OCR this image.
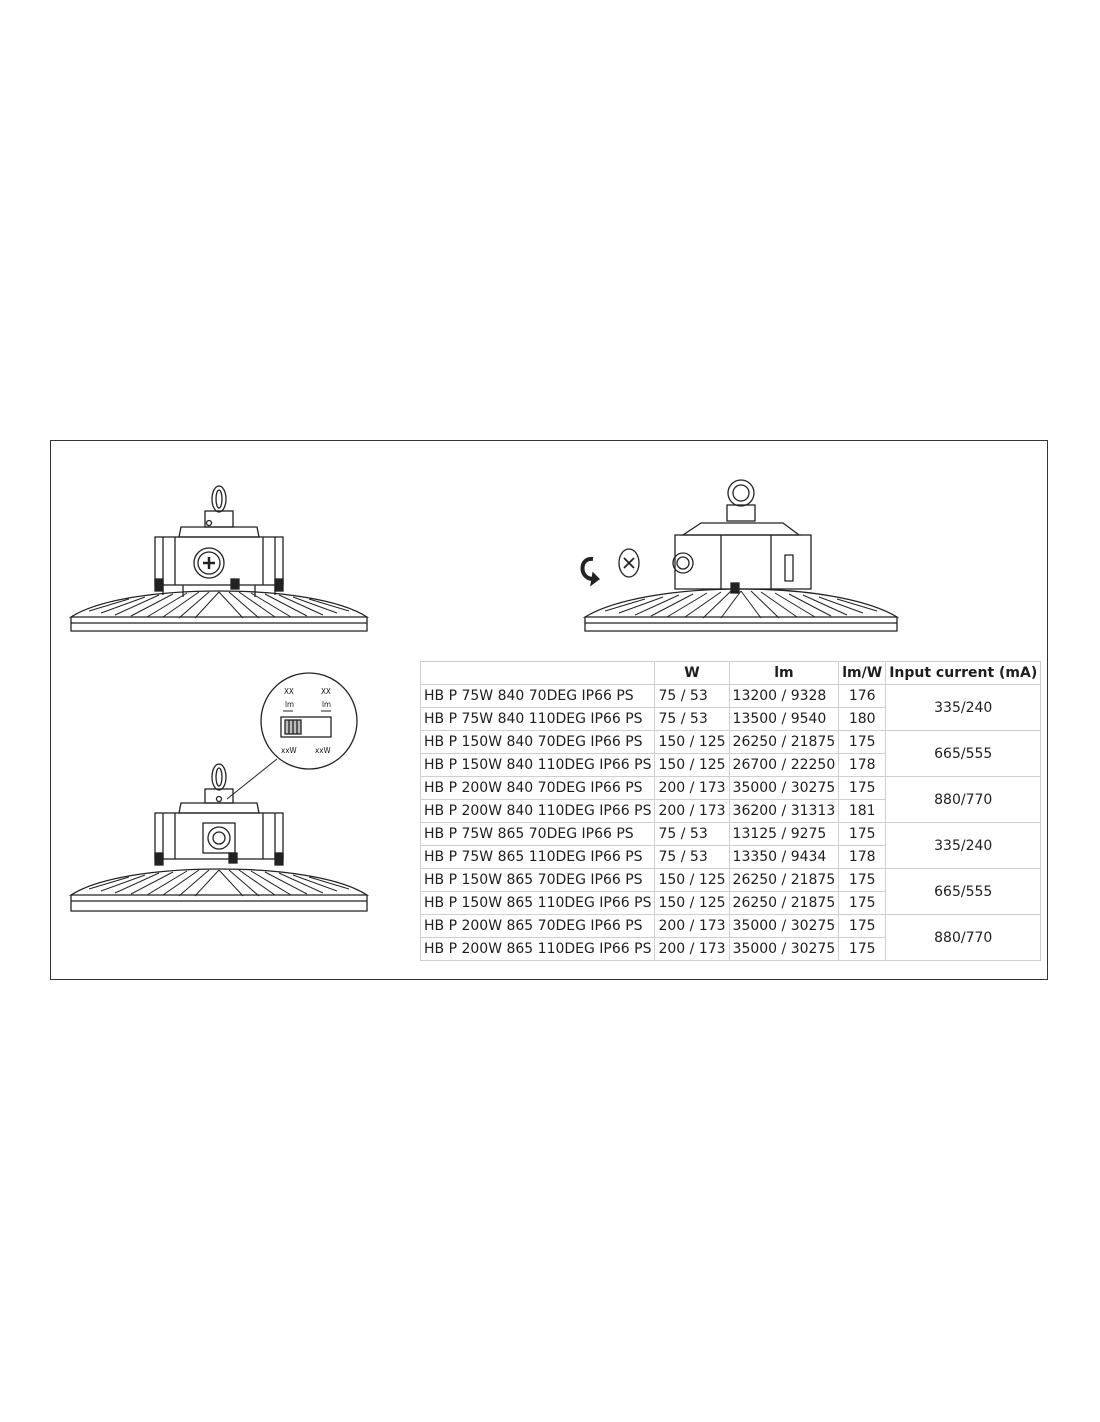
XX	XX
lm	lm
xxW xxW
	W	lm	lm/W	Input current (mA)
HB P 75W 840 70DEG IP66 PS	75 / 53	13200 / 9328	176	335/240
HB P 75W 840 110DEG IP66 PS	75 / 53	13500 / 9540	180	
HB P 150W 840 70DEG IP66 PS	150 / 125	26250 / 21875	175	665/555
HB P 150W 840 110DEG IP66 PS	150 / 125	26700 / 22250	178	
HB P 200W 840 70DEG IP66 PS	200 / 173	35000 / 30275	175	880/770
HB P 200W 840 110DEG IP66 PS	200 / 173	36200 / 31313	181	
HB P 75W 865 70DEG IP66 PS	75 / 53	13125 / 9275	175	335/240
HB P 75W 865 110DEG IP66 PS	75 / 53	13350 / 9434	178	
HB P 150W 865 70DEG IP66 PS	150 / 125	26250 / 21875	175	665/555
HB P 150W 865 110DEG IP66 PS	150 / 125	26250 / 21875	175	
HB P 200W 865 70DEG IP66 PS	200 / 173	35000 / 30275	175	880/770
HB P 200W 865 110DEG IP66 PS	200 / 173	35000 / 30275	175	
